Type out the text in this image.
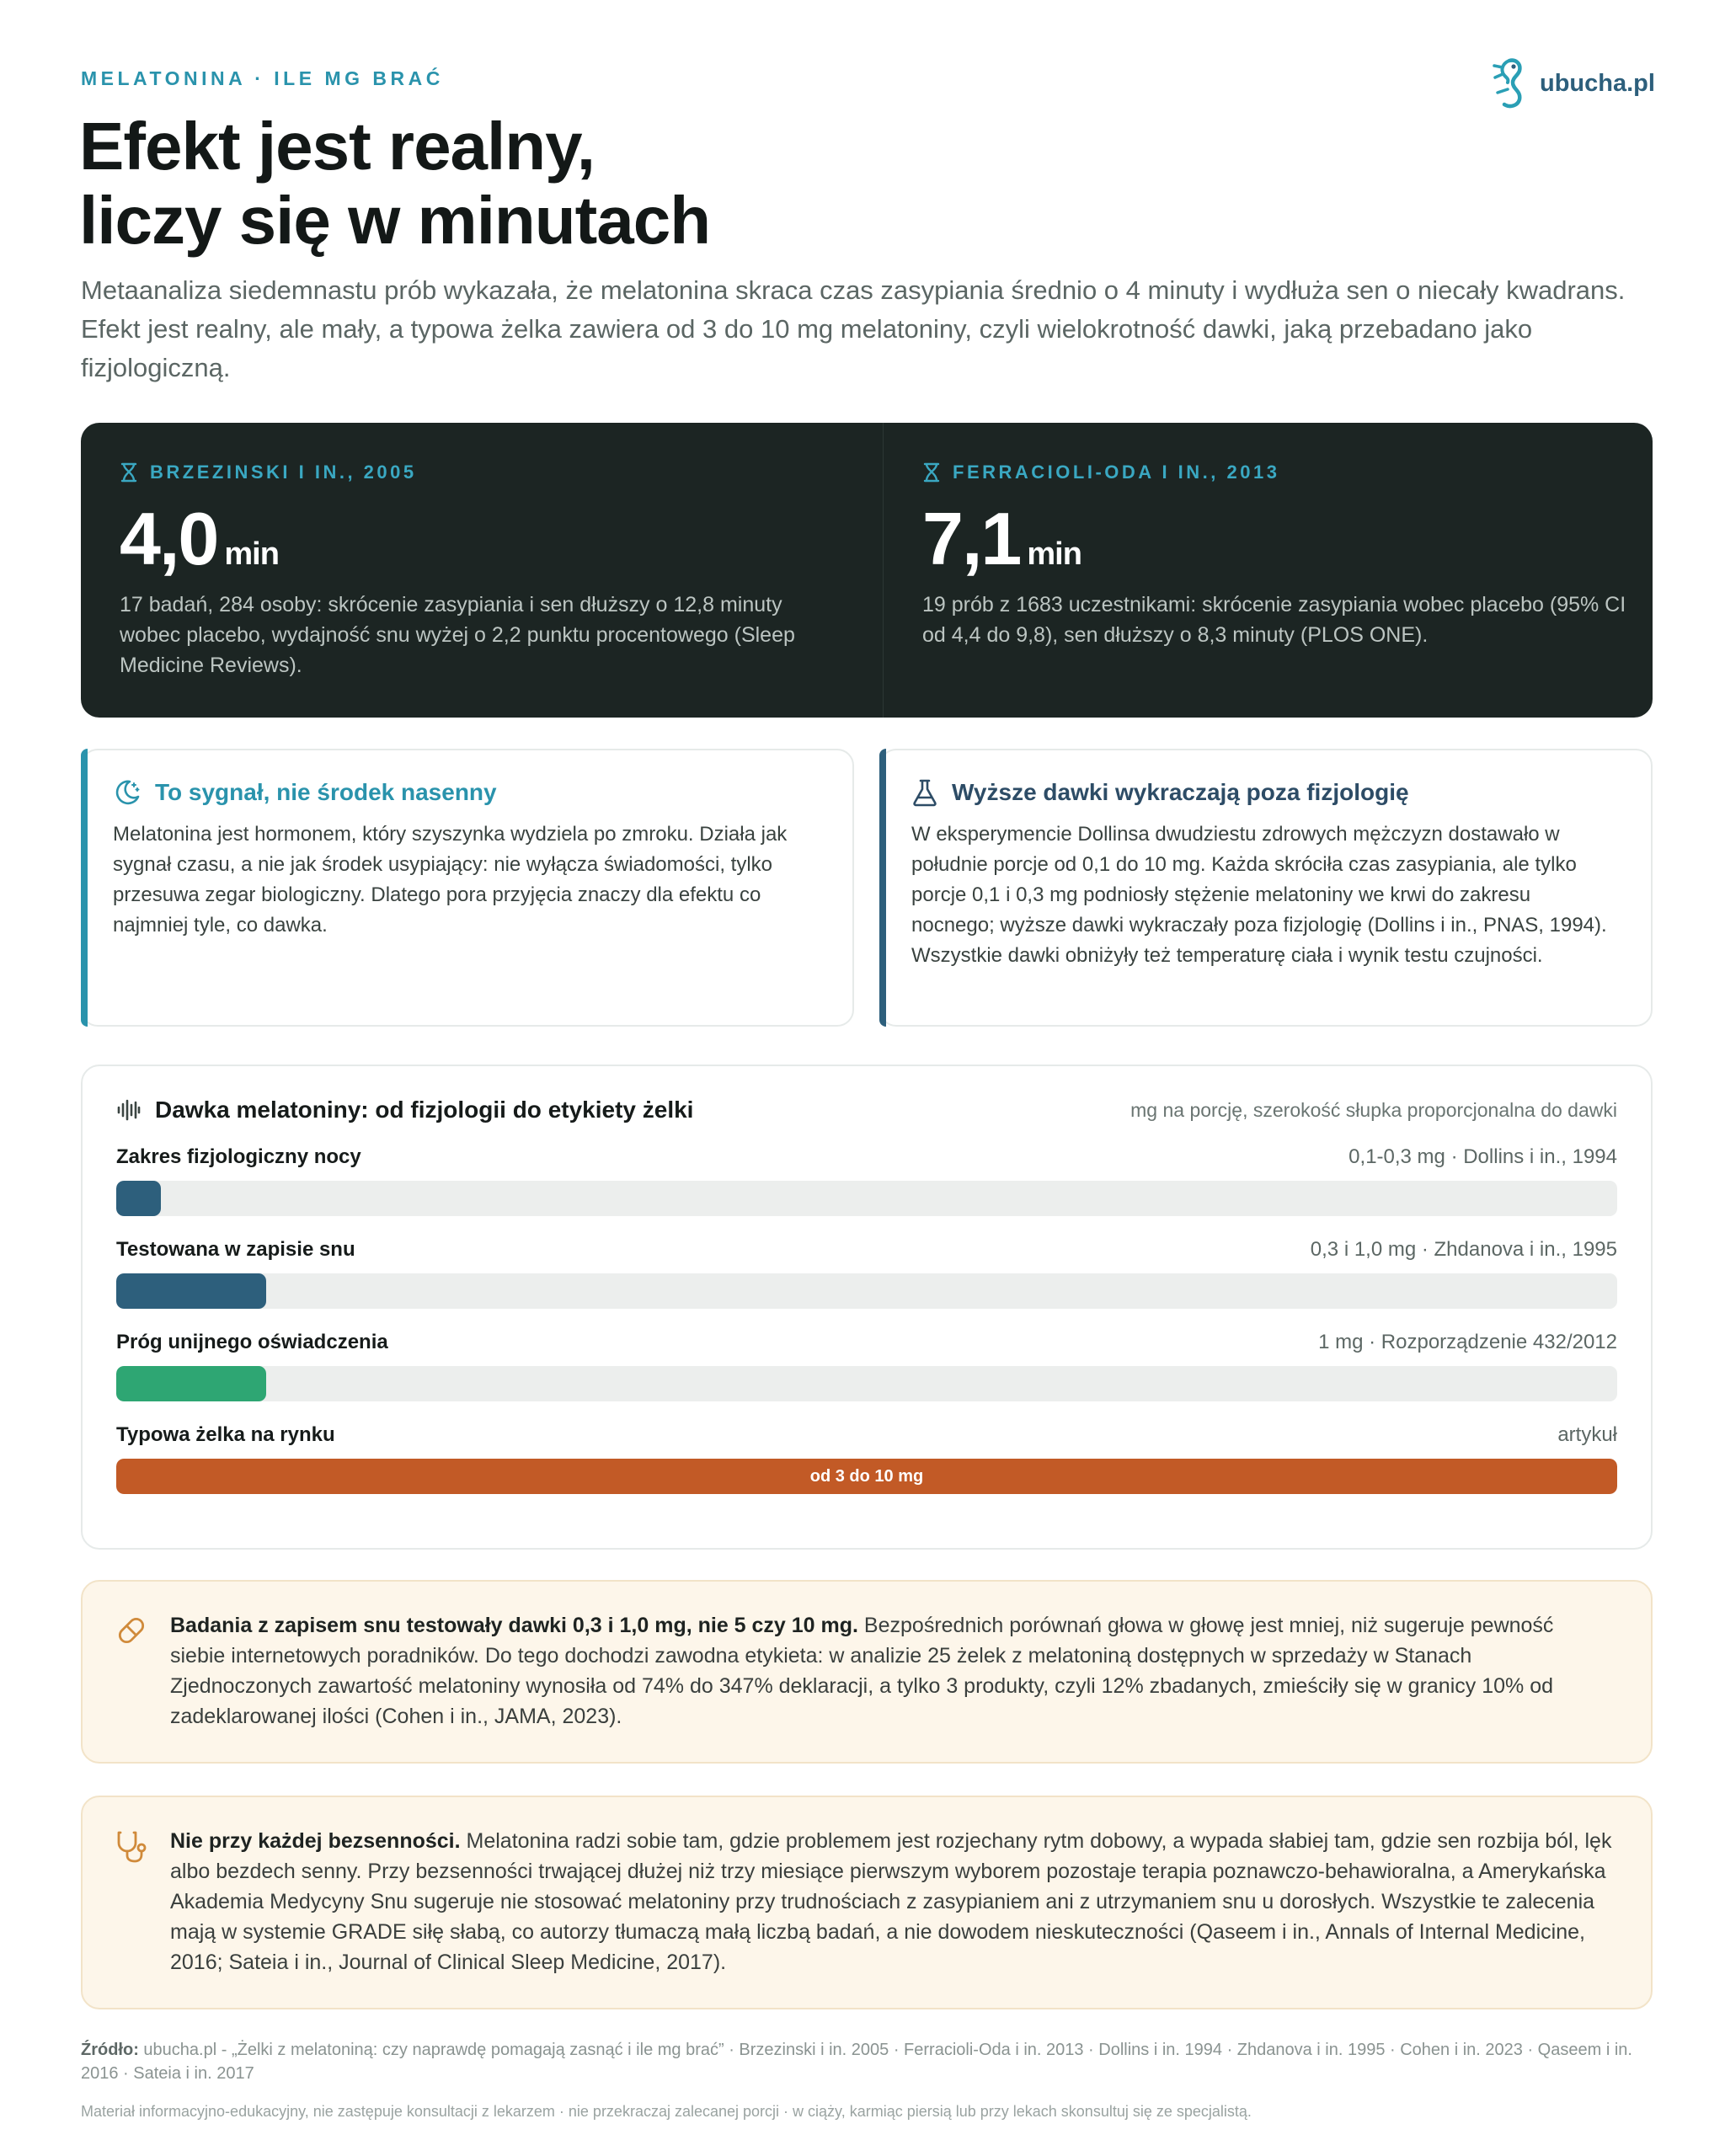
MELATONINA · ILE MG BRAĆ	ubucha.pl
Efekt jest realny,
liczy się w minutach

Metaanaliza siedemnastu prób wykazała, że melatonina skraca czas zasypiania średnio o 4 minuty i wydłuża sen o niecały kwadrans. Efekt jest realny, ale mały, a typowa żelka zawiera od 3 do 10 mg melatoniny, czyli wielokrotność dawki, jaką przebadano jako fizjologiczną.

BRZEZINSKI I IN., 2005
4,0 min
17 badań, 284 osoby: skrócenie zasypiania i sen dłuższy o 12,8 minuty wobec placebo, wydajność snu wyżej o 2,2 punktu procentowego (Sleep Medicine Reviews).
FERRACIOLI-ODA I IN., 2013
7,1 min
19 prób z 1683 uczestnikami: skrócenie zasypiania wobec placebo (95% CI od 4,4 do 9,8), sen dłuższy o 8,3 minuty (PLOS ONE).
To sygnał, nie środek nasenny
Melatonina jest hormonem, który szyszynka wydziela po zmroku. Działa jak sygnał czasu, a nie jak środek usypiający: nie wyłącza świadomości, tylko przesuwa zegar biologiczny. Dlatego pora przyjęcia znaczy dla efektu co najmniej tyle, co dawka.
Wyższe dawki wykraczają poza fizjologię
W eksperymencie Dollinsa dwudziestu zdrowych mężczyzn dostawało w południe porcje od 0,1 do 10 mg. Każda skróciła czas zasypiania, ale tylko porcje 0,1 i 0,3 mg podniosły stężenie melatoniny we krwi do zakresu nocnego; wyższe dawki wykraczały poza fizjologię (Dollins i in., PNAS, 1994). Wszystkie dawki obniżyły też temperaturę ciała i wynik testu czujności.
Dawka melatoniny: od fizjologii do etykiety żelki	mg na porcję, szerokość słupka proporcjonalna do dawki
Zakres fizjologiczny nocy	0,1-0,3 mg · Dollins i in., 1994
Testowana w zapisie snu	0,3 i 1,0 mg · Zhdanova i in., 1995
Próg unijnego oświadczenia	1 mg · Rozporządzenie 432/2012
Typowa żelka na rynku	artykuł
od 3 do 10 mg

Badania z zapisem snu testowały dawki 0,3 i 1,0 mg, nie 5 czy 10 mg. Bezpośrednich porównań głowa w głowę jest mniej, niż sugeruje pewność siebie internetowych poradników. Do tego dochodzi zawodna etykieta: w analizie 25 żelek z melatoniną dostępnych w sprzedaży w Stanach Zjednoczonych zawartość melatoniny wynosiła od 74% do 347% deklaracji, a tylko 3 produkty, czyli 12% zbadanych, zmieściły się w granicy 10% od zadeklarowanej ilości (Cohen i in., JAMA, 2023).

Nie przy każdej bezsenności. Melatonina radzi sobie tam, gdzie problemem jest rozjechany rytm dobowy, a wypada słabiej tam, gdzie sen rozbija ból, lęk albo bezdech senny. Przy bezsenności trwającej dłużej niż trzy miesiące pierwszym wyborem pozostaje terapia poznawczo-behawioralna, a Amerykańska Akademia Medycyny Snu sugeruje nie stosować melatoniny przy trudnościach z zasypianiem ani z utrzymaniem snu u dorosłych. Wszystkie te zalecenia mają w systemie GRADE siłę słabą, co autorzy tłumaczą małą liczbą badań, a nie dowodem nieskuteczności (Qaseem i in., Annals of Internal Medicine, 2016; Sateia i in., Journal of Clinical Sleep Medicine, 2017).

Źródło: ubucha.pl - „Żelki z melatoniną: czy naprawdę pomagają zasnąć i ile mg brać” · Brzezinski i in. 2005 · Ferracioli-Oda i in. 2013 · Dollins i in. 1994 · Zhdanova i in. 1995 · Cohen i in. 2023 · Qaseem i in. 2016 · Sateia i in. 2017

Materiał informacyjno-edukacyjny, nie zastępuje konsultacji z lekarzem · nie przekraczaj zalecanej porcji · w ciąży, karmiąc piersią lub przy lekach skonsultuj się ze specjalistą.
